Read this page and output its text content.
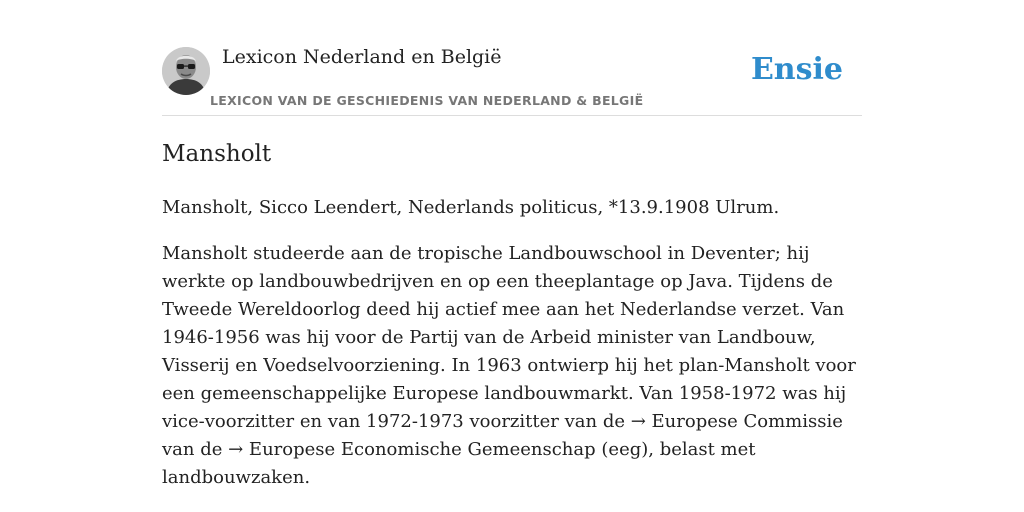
Lexicon Nederland en België
LEXICON VAN DE GESCHIEDENIS VAN NEDERLAND & BELGIË
Ensie
Mansholt

Mansholt, Sicco Leendert, Nederlands politicus, *13.9.1908 Ulrum.

Mansholt studeerde aan de tropische Landbouwschool in Deventer; hij werkte op landbouwbedrijven en op een theeplantage op Java. Tijdens de Tweede Wereldoorlog deed hij actief mee aan het Nederlandse verzet. Van 1946-1956 was hij voor de Partij van de Arbeid minister van Landbouw, Visserij en Voedselvoorziening. In 1963 ontwierp hij het plan-Mansholt voor een gemeenschappelijke Europese landbouwmarkt. Van 1958-1972 was hij vice-voorzitter en van 1972-1973 voorzitter van de → Europese Commissie van de → Europese Economische Gemeenschap (eeg), belast met landbouwzaken.
